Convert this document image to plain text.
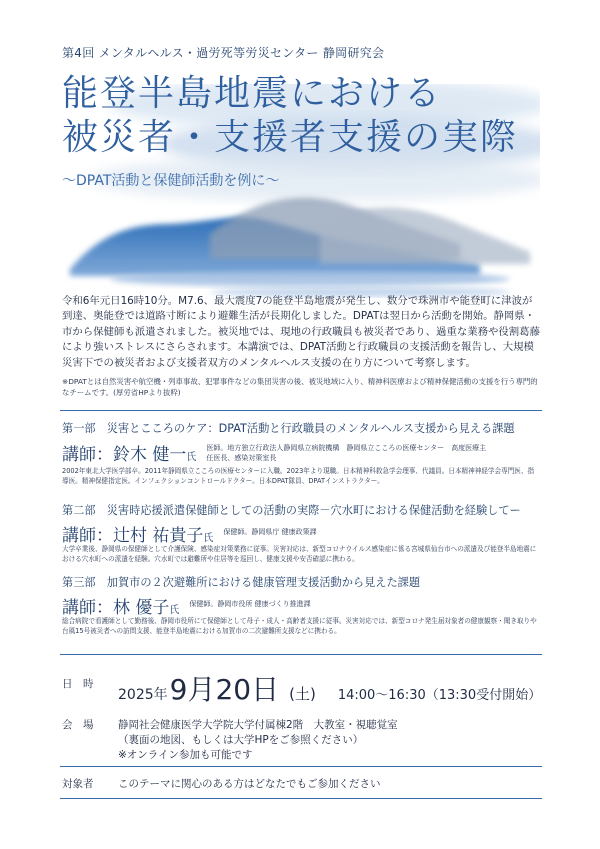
第4回 メンタルヘルス・過労死等労災センター 静岡研究会
能登半島地震における
被災者・支援者支援の実際
〜DPAT活動と保健師活動を例に〜
令和6年元日16時10分。M7.6、最大震度7の能登半島地震が発生し、数分で珠洲市や能登町に津波が到達、奥能登では道路寸断により避難生活が長期化しました。DPATは翌日から活動を開始。静岡県・市から保健師も派遣されました。被災地では、現地の行政職員も被災者であり、過重な業務や役割葛藤により強いストレスにさらされます。本講演では、DPAT活動と行政職員の支援活動を報告し、大規模災害下での被災者および支援者双方のメンタルヘルス支援の在り方について考察します。
※DPATとは自然災害や航空機・列車事故、犯罪事件などの集団災害の後、被災地域に入り、精神科医療および精神保健活動の支援を行う専門的なチームです。(厚労省HPより抜粋)
第一部　災害とこころのケア：DPAT活動と行政職員のメンタルヘルス支援から見える課題
講師：鈴木 健一氏
医師。地方独立行政法人静岡県立病院機構　静岡県立こころの医療センター　高度医療主
任医長、感染対策室長
2002年東北大学医学部卒。2011年静岡県立こころの医療センターに入職。2023年より現職。日本精神科救急学会理事、代議員。日本精神神経学会専門医、指導医。精神保健指定医。インフェクションコントロールドクター。日本DPAT隊員、DPATインストラクター。
第二部　災害時応援派遣保健師としての活動の実際－穴水町における保健活動を経験してー
講師：辻村 祐貴子氏
保健師。静岡県庁 健康政策課
大学卒業後、静岡県の保健師として介護保険、感染症対策業務に従事。災害対応は、新型コロナウイルス感染症に係る宮城県仙台市への派遣及び能登半島地震における穴水町への派遣を経験。穴水町では避難所や住居等を巡回し、健康支援や安否確認に携わる。
第三部　加賀市の２次避難所における健康管理支援活動から見えた課題
講師：林 優子氏
保健師。静岡市役所 健康づくり推進課
総合病院で看護師として勤務後、静岡市役所にて保健師として母子・成人・高齢者支援に従事。災害対応では、新型コロナ発生届対象者の健康観察・聞き取りや台風15号被災者への訪問支援、能登半島地震における加賀市の二次避難所支援などに携わる。
日　時
2025年 9月20日 (土) 14:00〜16:30（13:30受付開始）
会　場 静岡社会健康医学大学院大学付属棟2階　大教室・視聴覚室
（裏面の地図、もしくは大学HPをご参照ください）
※オンライン参加も可能です
対象者 このテーマに関心のある方はどなたでもご参加ください
